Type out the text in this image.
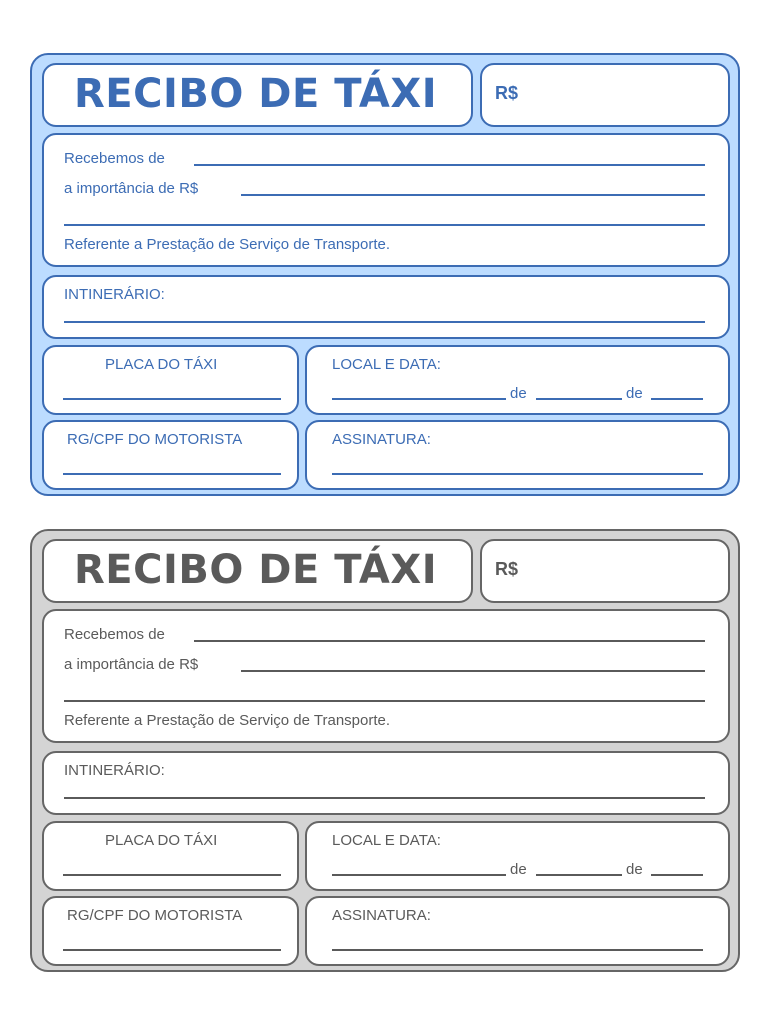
RECIBO DE TÁXI	R$
Recebemos de
a importância de R$
Referente a Prestação de Serviço de Transporte.
INTINERÁRIO:
PLACA DO TÁXI	LOCAL E DATA:
de	de
RG/CPF DO MOTORISTA	ASSINATURA:
RECIBO DE TÁXI	R$
Recebemos de
a importância de R$
Referente a Prestação de Serviço de Transporte.
INTINERÁRIO:
PLACA DO TÁXI	LOCAL E DATA:
de	de
RG/CPF DO MOTORISTA	ASSINATURA:
